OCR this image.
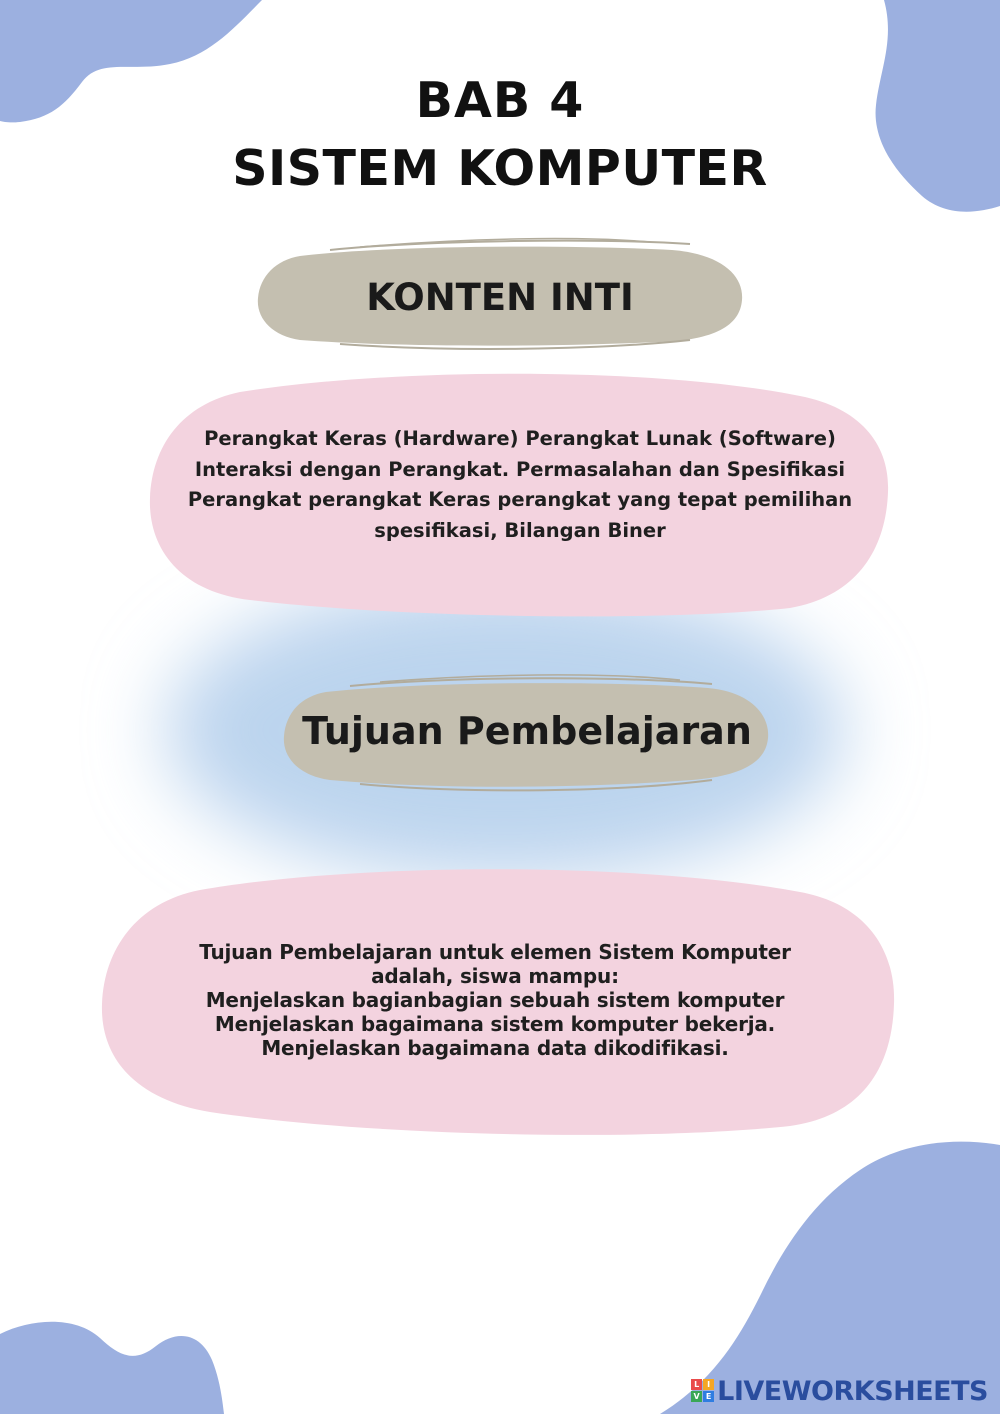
BAB 4
SISTEM KOMPUTER
KONTEN INTI
Perangkat Keras (Hardware) Perangkat Lunak (Software) Interaksi dengan Perangkat. Permasalahan dan Spesifikasi Perangkat perangkat Keras perangkat yang tepat pemilihan spesifikasi, Bilangan Biner
Tujuan Pembelajaran
Tujuan Pembelajaran untuk elemen Sistem Komputer
adalah, siswa mampu:
Menjelaskan bagianbagian sebuah sistem komputer
Menjelaskan bagaimana sistem komputer bekerja.
Menjelaskan bagaimana data dikodifikasi.
L I
V E LIVEWORKSHEETS
